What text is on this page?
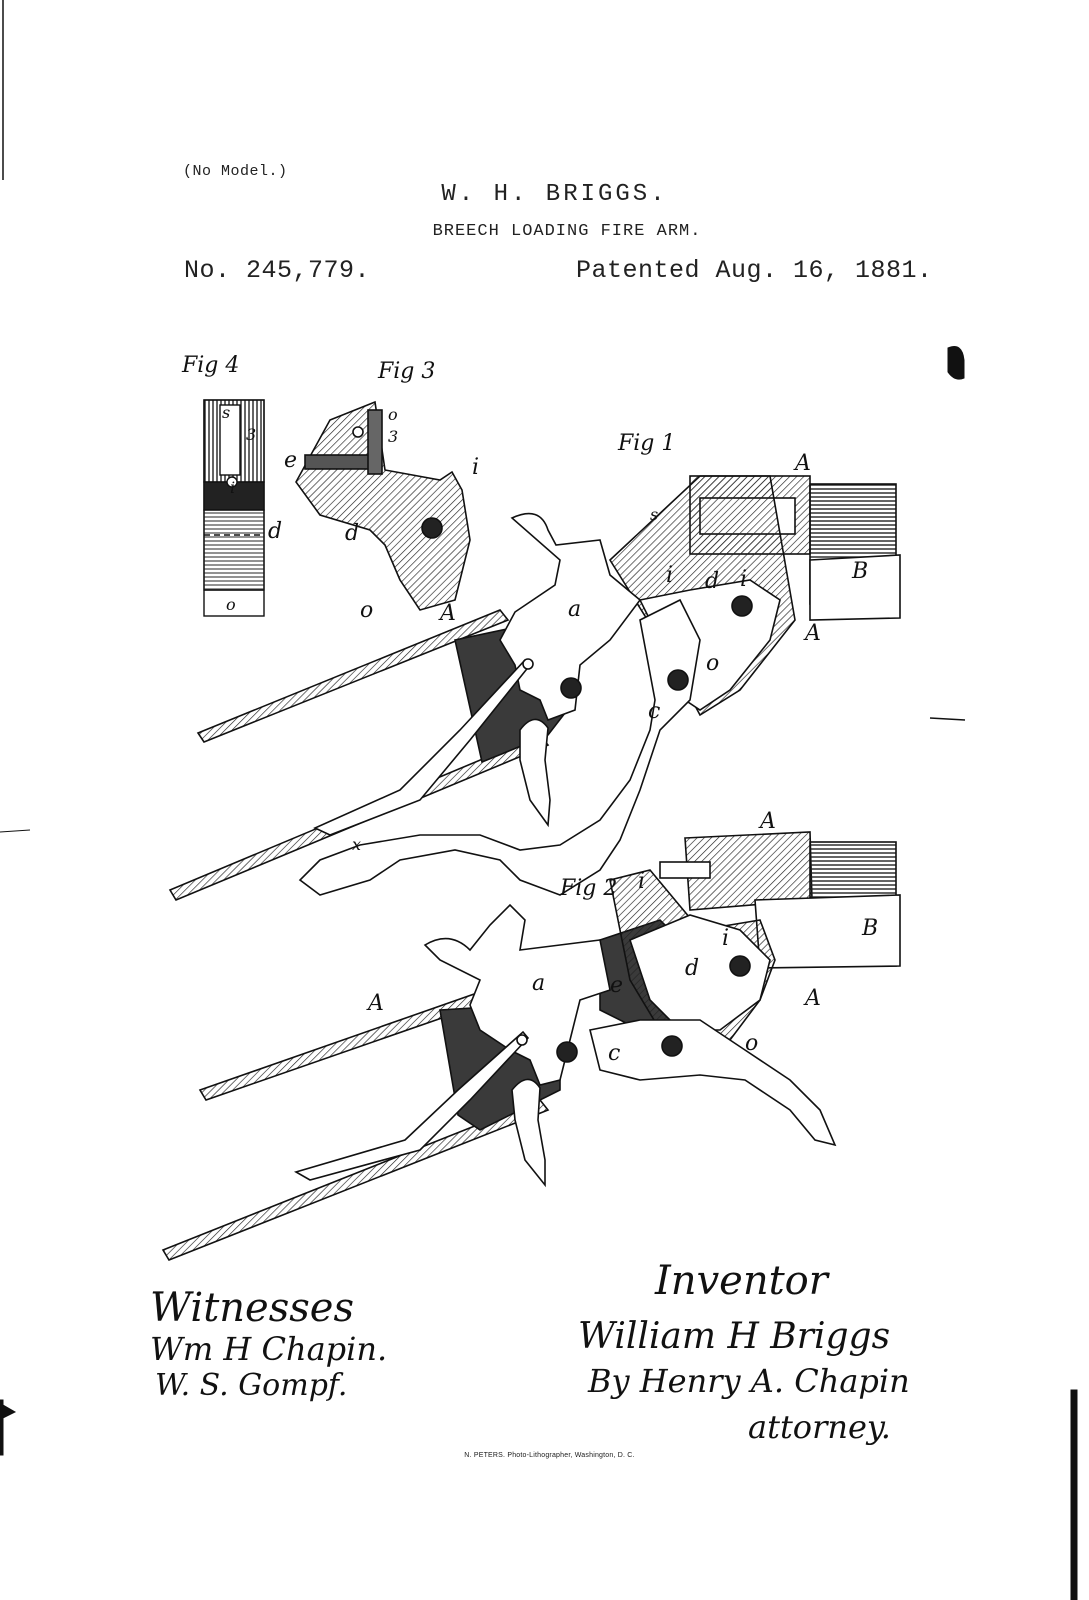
(No Model.)
W. H. BRIGGS.
BREECH LOADING FIRE ARM.
No. 245,779.	Patented Aug. 16, 1881.
Fig 4
s
3
i
d
o
Fig 3
e	i
d
o
o
3	Fig 1
A
A
A
B
a
c
d
i	i
o
s
x
Fig 2
A
A	A
B
a
c
d
e
i
i
o
Witnesses
Wm H Chapin.
W. S. Gompf.
Inventor
William H Briggs
By Henry A. Chapin
attorney.
N. PETERS. Photo-Lithographer, Washington, D. C.
